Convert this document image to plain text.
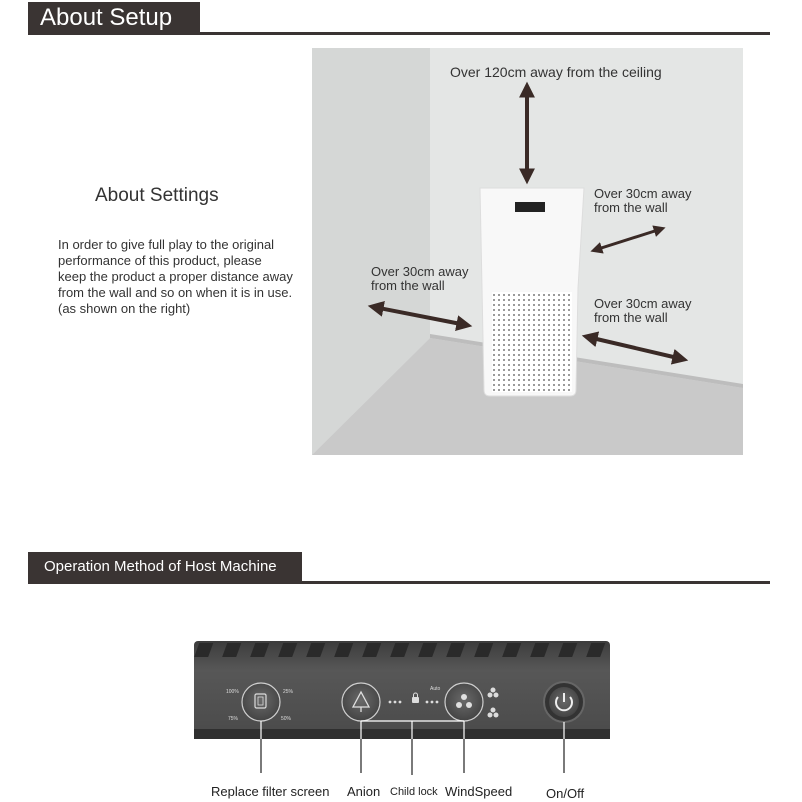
About Setup
About Settings
In order to give full play to the original performance of this product, please keep the product a proper distance away from the wall and so on when it is in use. (as shown on the right)
Over 120cm away from the ceiling
Over 30cm away
from the wall
Over 30cm away
from the wall
Over 30cm away
from the wall
Operation Method of Host Machine
100%	25%
75%	50%
Auto
Replace filter screen Anion Child lock WindSpeed	On/Off
